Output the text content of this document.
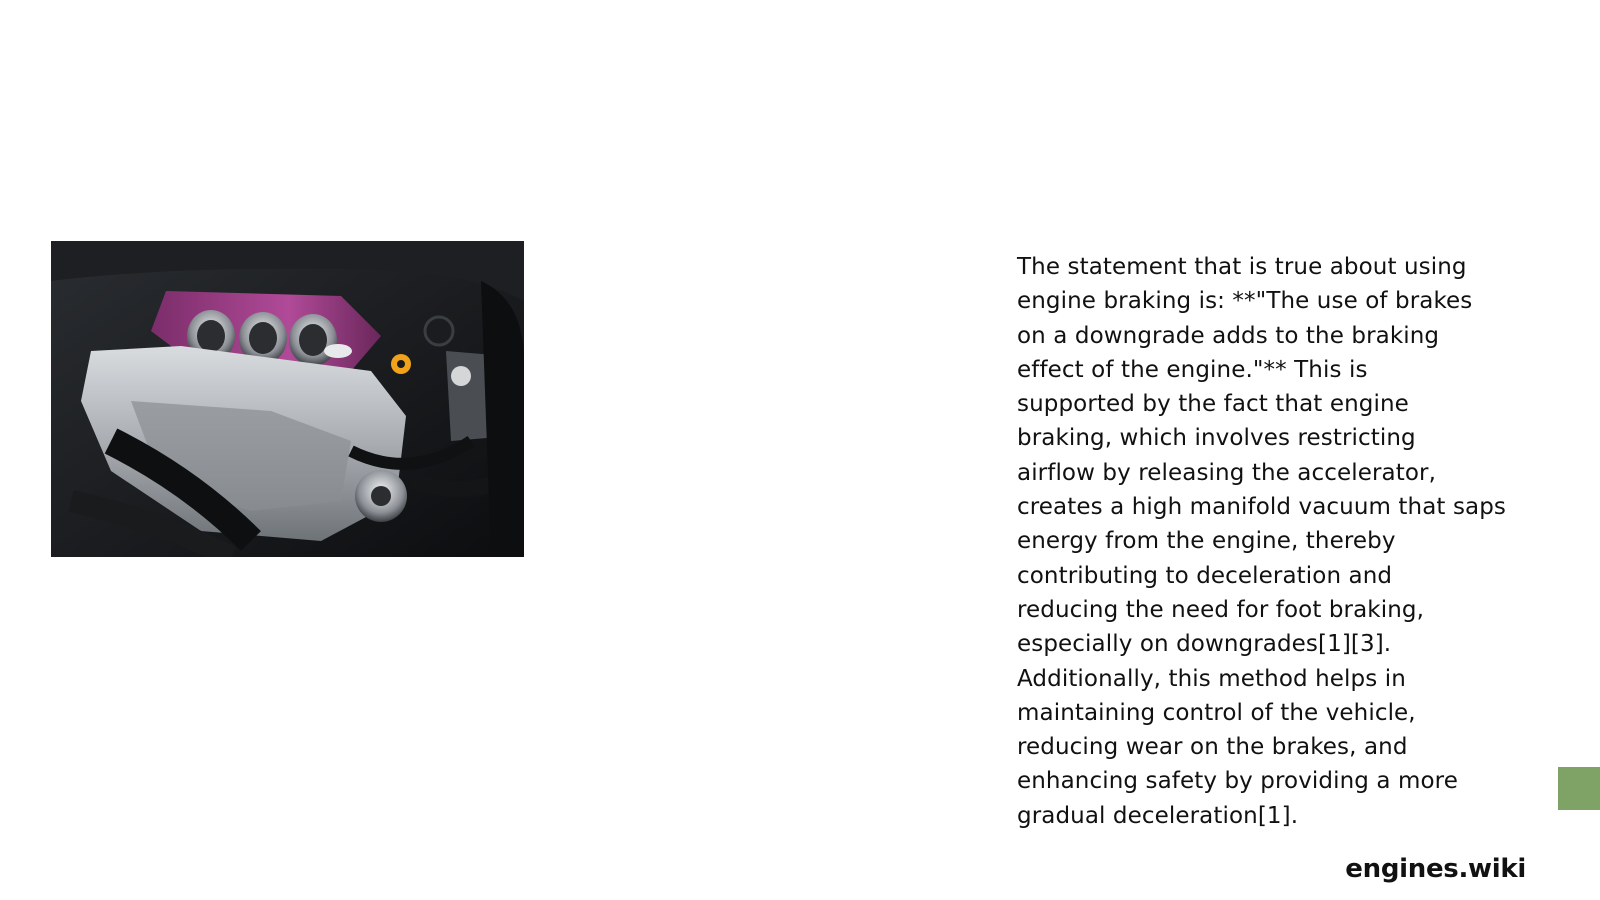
The statement that is true about using
engine braking is: **"The use of brakes
on a downgrade adds to the braking
effect of the engine."** This is
supported by the fact that engine
braking, which involves restricting
airflow by releasing the accelerator,
creates a high manifold vacuum that saps
energy from the engine, thereby
contributing to deceleration and
reducing the need for foot braking,
especially on downgrades[1][3].
Additionally, this method helps in
maintaining control of the vehicle,
reducing wear on the brakes, and
enhancing safety by providing a more
gradual deceleration[1].

engines.wiki
